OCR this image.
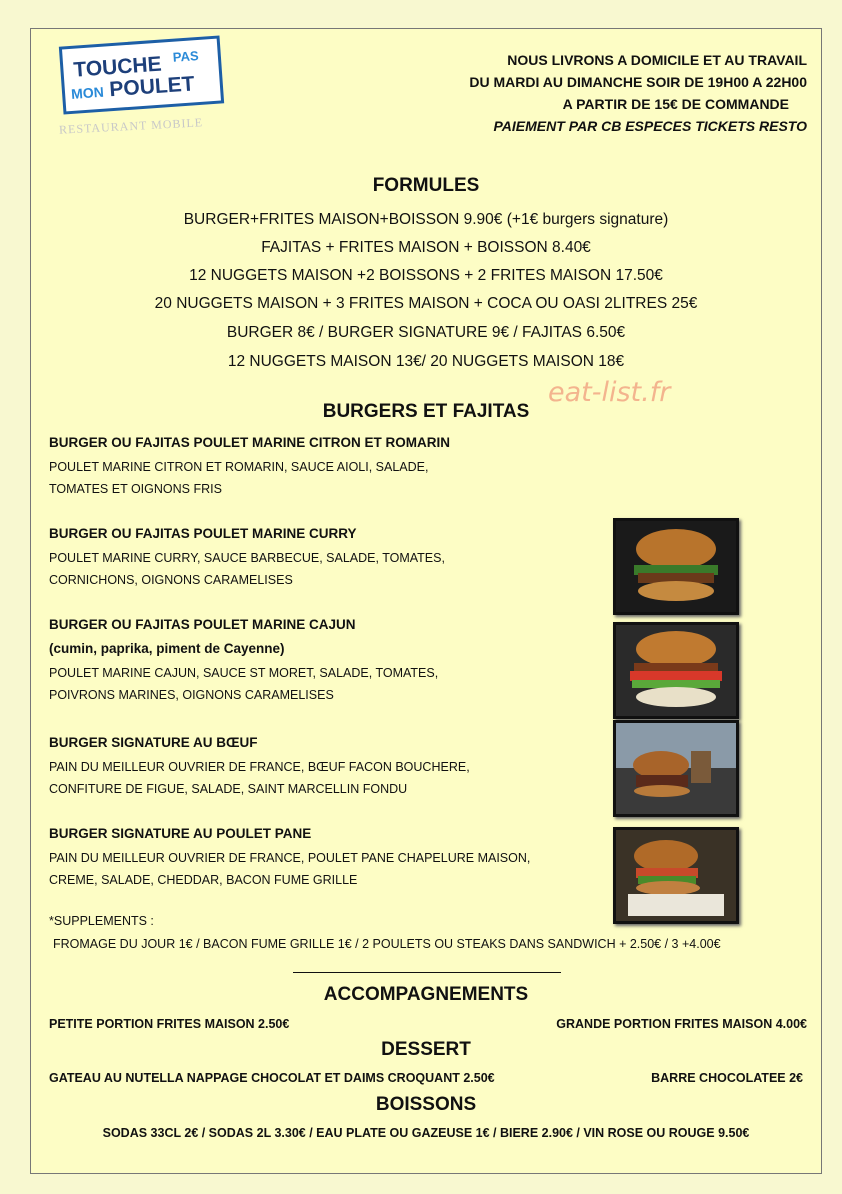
TOUCHE PAS
MON POULET
RESTAURANT MOBILE
NOUS LIVRONS A DOMICILE ET AU TRAVAIL
DU MARDI AU DIMANCHE SOIR DE 19H00 A 22H00
A PARTIR DE 15€ DE COMMANDE
PAIEMENT PAR CB ESPECES TICKETS RESTO
FORMULES
BURGER+FRITES MAISON+BOISSON 9.90€ (+1€ burgers signature)
FAJITAS + FRITES MAISON + BOISSON 8.40€
12 NUGGETS MAISON +2 BOISSONS + 2 FRITES MAISON 17.50€
20 NUGGETS MAISON + 3 FRITES MAISON + COCA OU OASI 2LITRES 25€
BURGER 8€ / BURGER SIGNATURE 9€ / FAJITAS 6.50€
12 NUGGETS MAISON 13€/ 20 NUGGETS MAISON 18€
eat-list.fr
BURGERS ET FAJITAS
BURGER OU FAJITAS POULET MARINE CITRON ET ROMARIN
POULET MARINE CITRON ET ROMARIN, SAUCE AIOLI, SALADE,
TOMATES ET OIGNONS FRIS
BURGER OU FAJITAS POULET MARINE CURRY
POULET MARINE CURRY, SAUCE BARBECUE, SALADE, TOMATES,
CORNICHONS, OIGNONS CARAMELISES
BURGER OU FAJITAS POULET MARINE CAJUN
(cumin, paprika, piment de Cayenne)
POULET MARINE CAJUN, SAUCE ST MORET, SALADE, TOMATES,
POIVRONS MARINES, OIGNONS CARAMELISES
BURGER SIGNATURE AU BŒUF
PAIN DU MEILLEUR OUVRIER DE FRANCE, BŒUF FACON BOUCHERE,
CONFITURE DE FIGUE, SALADE, SAINT MARCELLIN FONDU
BURGER SIGNATURE AU POULET PANE
PAIN DU MEILLEUR OUVRIER DE FRANCE, POULET PANE CHAPELURE MAISON,
CREME, SALADE, CHEDDAR, BACON FUME GRILLE
*SUPPLEMENTS :
FROMAGE DU JOUR 1€ / BACON FUME GRILLE 1€ / 2 POULETS OU STEAKS DANS SANDWICH + 2.50€ / 3 +4.00€
ACCOMPAGNEMENTS
PETITE PORTION FRITES MAISON 2.50€	GRANDE PORTION FRITES MAISON 4.00€
DESSERT
GATEAU AU NUTELLA NAPPAGE CHOCOLAT ET DAIMS CROQUANT 2.50€	BARRE CHOCOLATEE 2€
BOISSONS
SODAS 33CL 2€ / SODAS 2L 3.30€ / EAU PLATE OU GAZEUSE 1€ / BIERE 2.90€ / VIN ROSE OU ROUGE 9.50€
